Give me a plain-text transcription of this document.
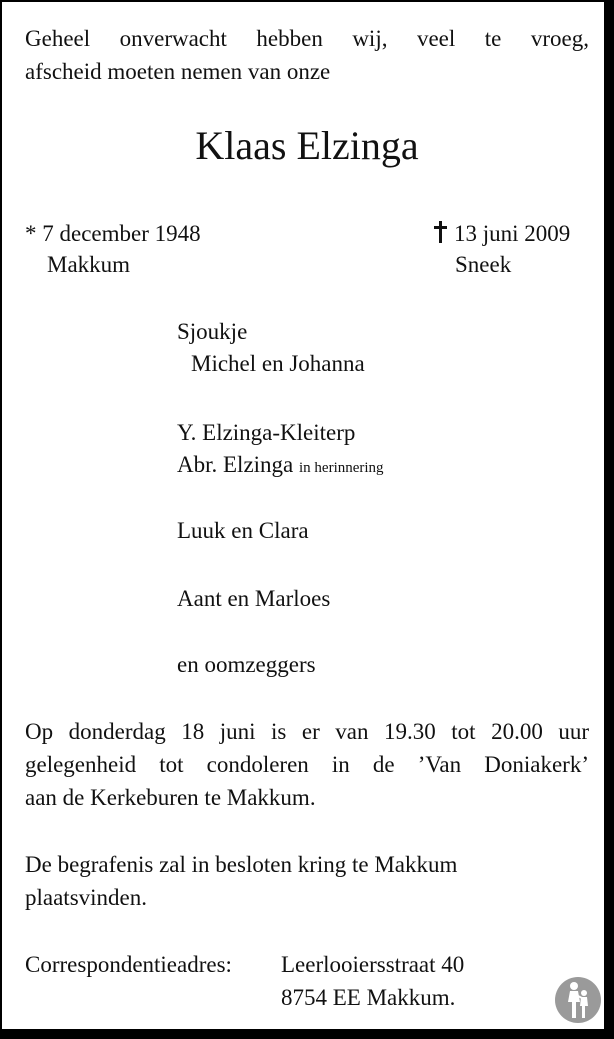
Geheel onverwacht hebben wij, veel te vroeg,
afscheid moeten nemen van onze
Klaas Elzinga
* 7 december 1948
Makkum
13 juni 2009
Sneek
Sjoukje
Michel en Johanna
Y. Elzinga-Kleiterp
Abr. Elzinga in herinnering
Luuk en Clara
Aant en Marloes
en oomzeggers
Op donderdag 18 juni is er van 19.30 tot 20.00 uur
gelegenheid tot condoleren in de ’Van Doniakerk’
aan de Kerkeburen te Makkum.
De begrafenis zal in besloten kring te Makkum
plaatsvinden.
Correspondentieadres: Leerlooiersstraat 40
8754 EE Makkum.
